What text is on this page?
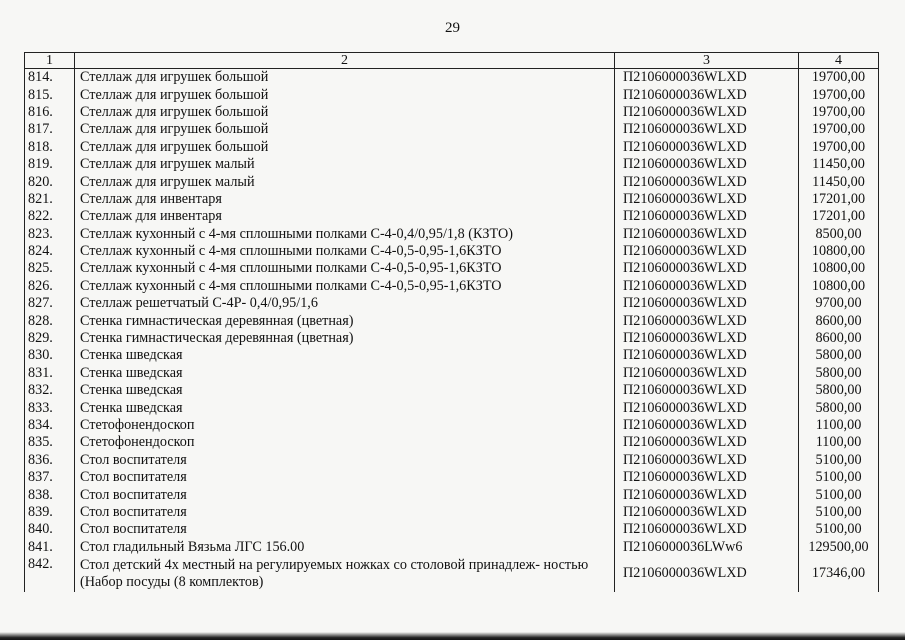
29
1	2	3	4
814.	Стеллаж для игрушек большой	П2106000036WLXD	19700,00
815.	Стеллаж для игрушек большой	П2106000036WLXD	19700,00
816.	Стеллаж для игрушек большой	П2106000036WLXD	19700,00
817.	Стеллаж для игрушек большой	П2106000036WLXD	19700,00
818.	Стеллаж для игрушек большой	П2106000036WLXD	19700,00
819.	Стеллаж для игрушек малый	П2106000036WLXD	11450,00
820.	Стеллаж для игрушек малый	П2106000036WLXD	11450,00
821.	Стеллаж для инвентаря	П2106000036WLXD	17201,00
822.	Стеллаж для инвентаря	П2106000036WLXD	17201,00
823.	Стеллаж кухонный с 4-мя сплошными полками С-4-0,4/0,95/1,8 (КЗТО)	П2106000036WLXD	8500,00
824.	Стеллаж кухонный с 4-мя сплошными полками С-4-0,5-0,95-1,6КЗТО	П2106000036WLXD	10800,00
825.	Стеллаж кухонный с 4-мя сплошными полками С-4-0,5-0,95-1,6КЗТО	П2106000036WLXD	10800,00
826.	Стеллаж кухонный с 4-мя сплошными полками С-4-0,5-0,95-1,6КЗТО	П2106000036WLXD	10800,00
827.	Стеллаж решетчатый С-4Р- 0,4/0,95/1,6	П2106000036WLXD	9700,00
828.	Стенка гимнастическая деревянная (цветная)	П2106000036WLXD	8600,00
829.	Стенка гимнастическая деревянная (цветная)	П2106000036WLXD	8600,00
830.	Стенка шведская	П2106000036WLXD	5800,00
831.	Стенка шведская	П2106000036WLXD	5800,00
832.	Стенка шведская	П2106000036WLXD	5800,00
833.	Стенка шведская	П2106000036WLXD	5800,00
834.	Стетофонендоскоп	П2106000036WLXD	1100,00
835.	Стетофонендоскоп	П2106000036WLXD	1100,00
836.	Стол воспитателя	П2106000036WLXD	5100,00
837.	Стол воспитателя	П2106000036WLXD	5100,00
838.	Стол воспитателя	П2106000036WLXD	5100,00
839.	Стол воспитателя	П2106000036WLXD	5100,00
840.	Стол воспитателя	П2106000036WLXD	5100,00
841.	Стол гладильный Вязьма ЛГС 156.00	П2106000036LWw6	129500,00
842.	Стол детский 4х местный на регулируемых ножках со столовой принадлеж- ностью (Набор посуды (8 комплектов)	П2106000036WLXD	17346,00
